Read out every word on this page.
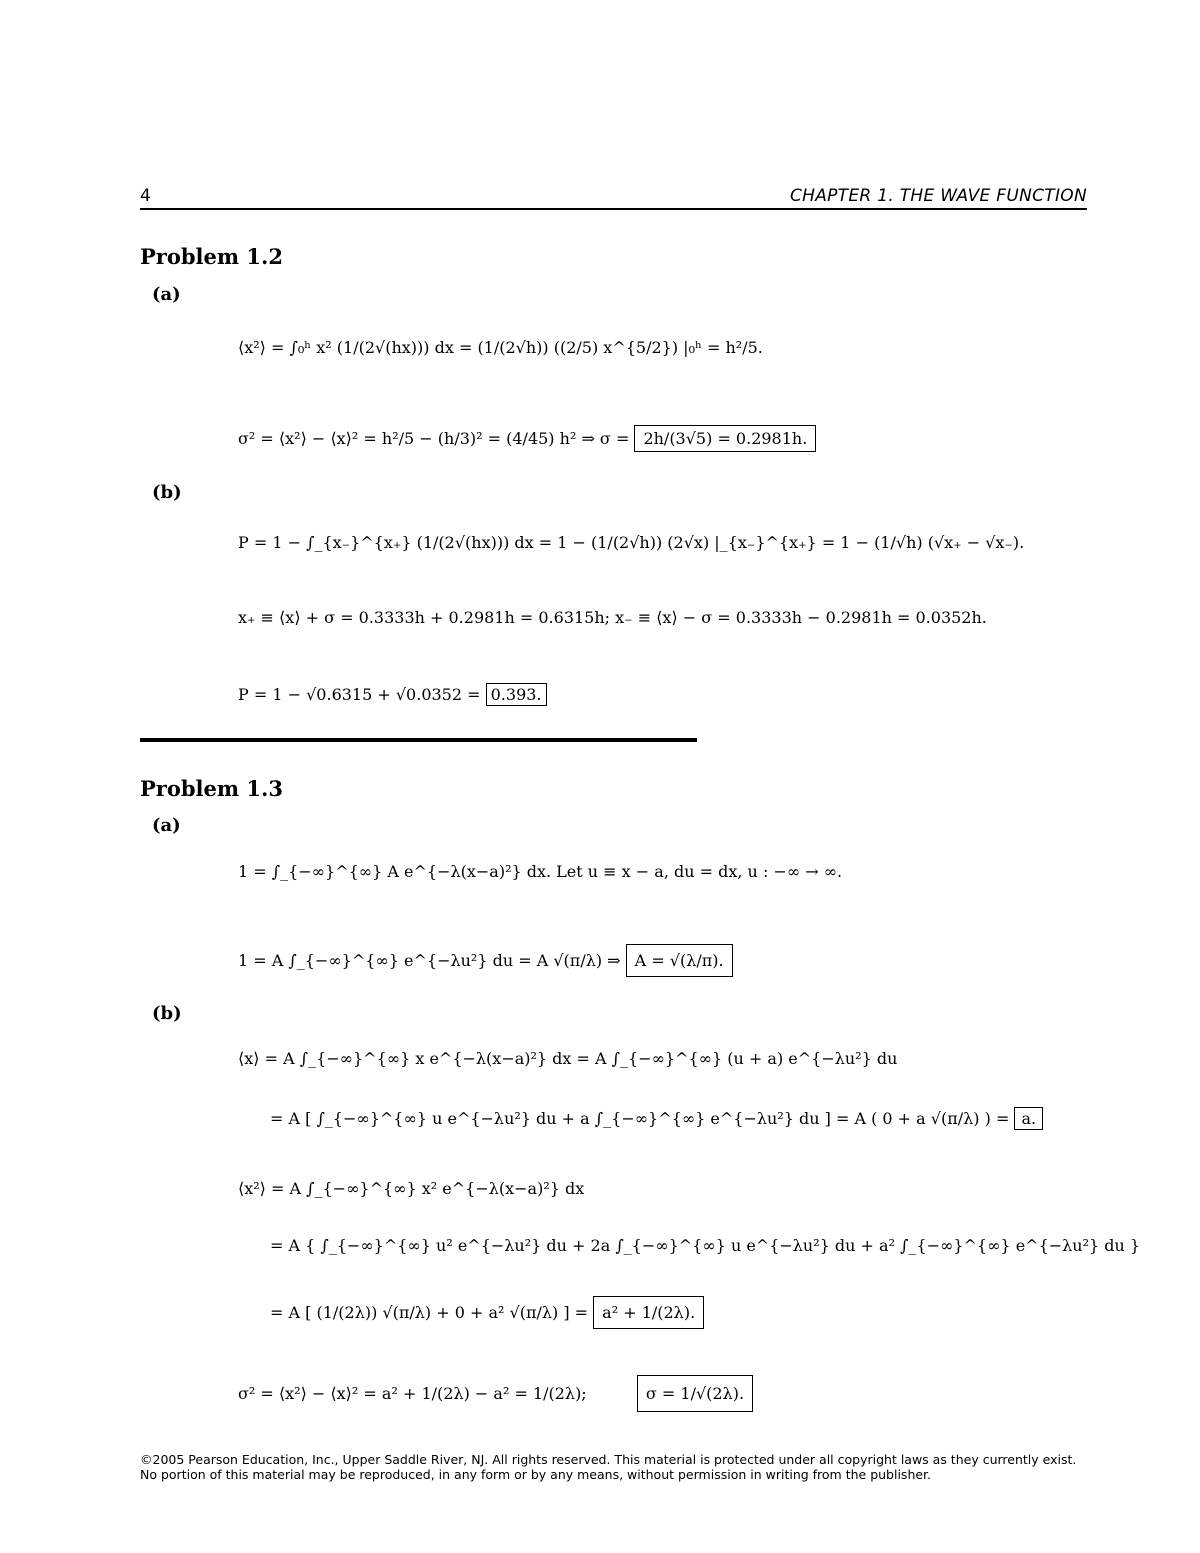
4	CHAPTER 1. THE WAVE FUNCTION
Problem 1.2
(a)
⟨x²⟩ = ∫₀ʰ x² (1/(2√(hx))) dx = (1/(2√h)) ((2/5) x^{5/2}) |₀ʰ = h²/5.
σ² = ⟨x²⟩ − ⟨x⟩² = h²/5 − (h/3)² = (4/45) h² ⇒ σ = 2h/(3√5) = 0.2981h.
(b)
P = 1 − ∫_{x₋}^{x₊} (1/(2√(hx))) dx = 1 − (1/(2√h)) (2√x) |_{x₋}^{x₊} = 1 − (1/√h) (√x₊ − √x₋).
x₊ ≡ ⟨x⟩ + σ = 0.3333h + 0.2981h = 0.6315h; x₋ ≡ ⟨x⟩ − σ = 0.3333h − 0.2981h = 0.0352h.
P = 1 − √0.6315 + √0.0352 = 0.393.
Problem 1.3
(a)
1 = ∫_{−∞}^{∞} A e^{−λ(x−a)²} dx. Let u ≡ x − a, du = dx, u : −∞ → ∞.
1 = A ∫_{−∞}^{∞} e^{−λu²} du = A √(π/λ) ⇒ A = √(λ/π).
(b)
⟨x⟩ = A ∫_{−∞}^{∞} x e^{−λ(x−a)²} dx = A ∫_{−∞}^{∞} (u + a) e^{−λu²} du
= A [ ∫_{−∞}^{∞} u e^{−λu²} du + a ∫_{−∞}^{∞} e^{−λu²} du ] = A ( 0 + a √(π/λ) ) = a.
⟨x²⟩ = A ∫_{−∞}^{∞} x² e^{−λ(x−a)²} dx
= A { ∫_{−∞}^{∞} u² e^{−λu²} du + 2a ∫_{−∞}^{∞} u e^{−λu²} du + a² ∫_{−∞}^{∞} e^{−λu²} du }
= A [ (1/(2λ)) √(π/λ) + 0 + a² √(π/λ) ] = a² + 1/(2λ).
σ² = ⟨x²⟩ − ⟨x⟩² = a² + 1/(2λ) − a² = 1/(2λ);	σ = 1/√(2λ).
©2005 Pearson Education, Inc., Upper Saddle River, NJ. All rights reserved. This material is protected under all copyright laws as they currently exist. No portion of this material may be reproduced, in any form or by any means, without permission in writing from the publisher.
